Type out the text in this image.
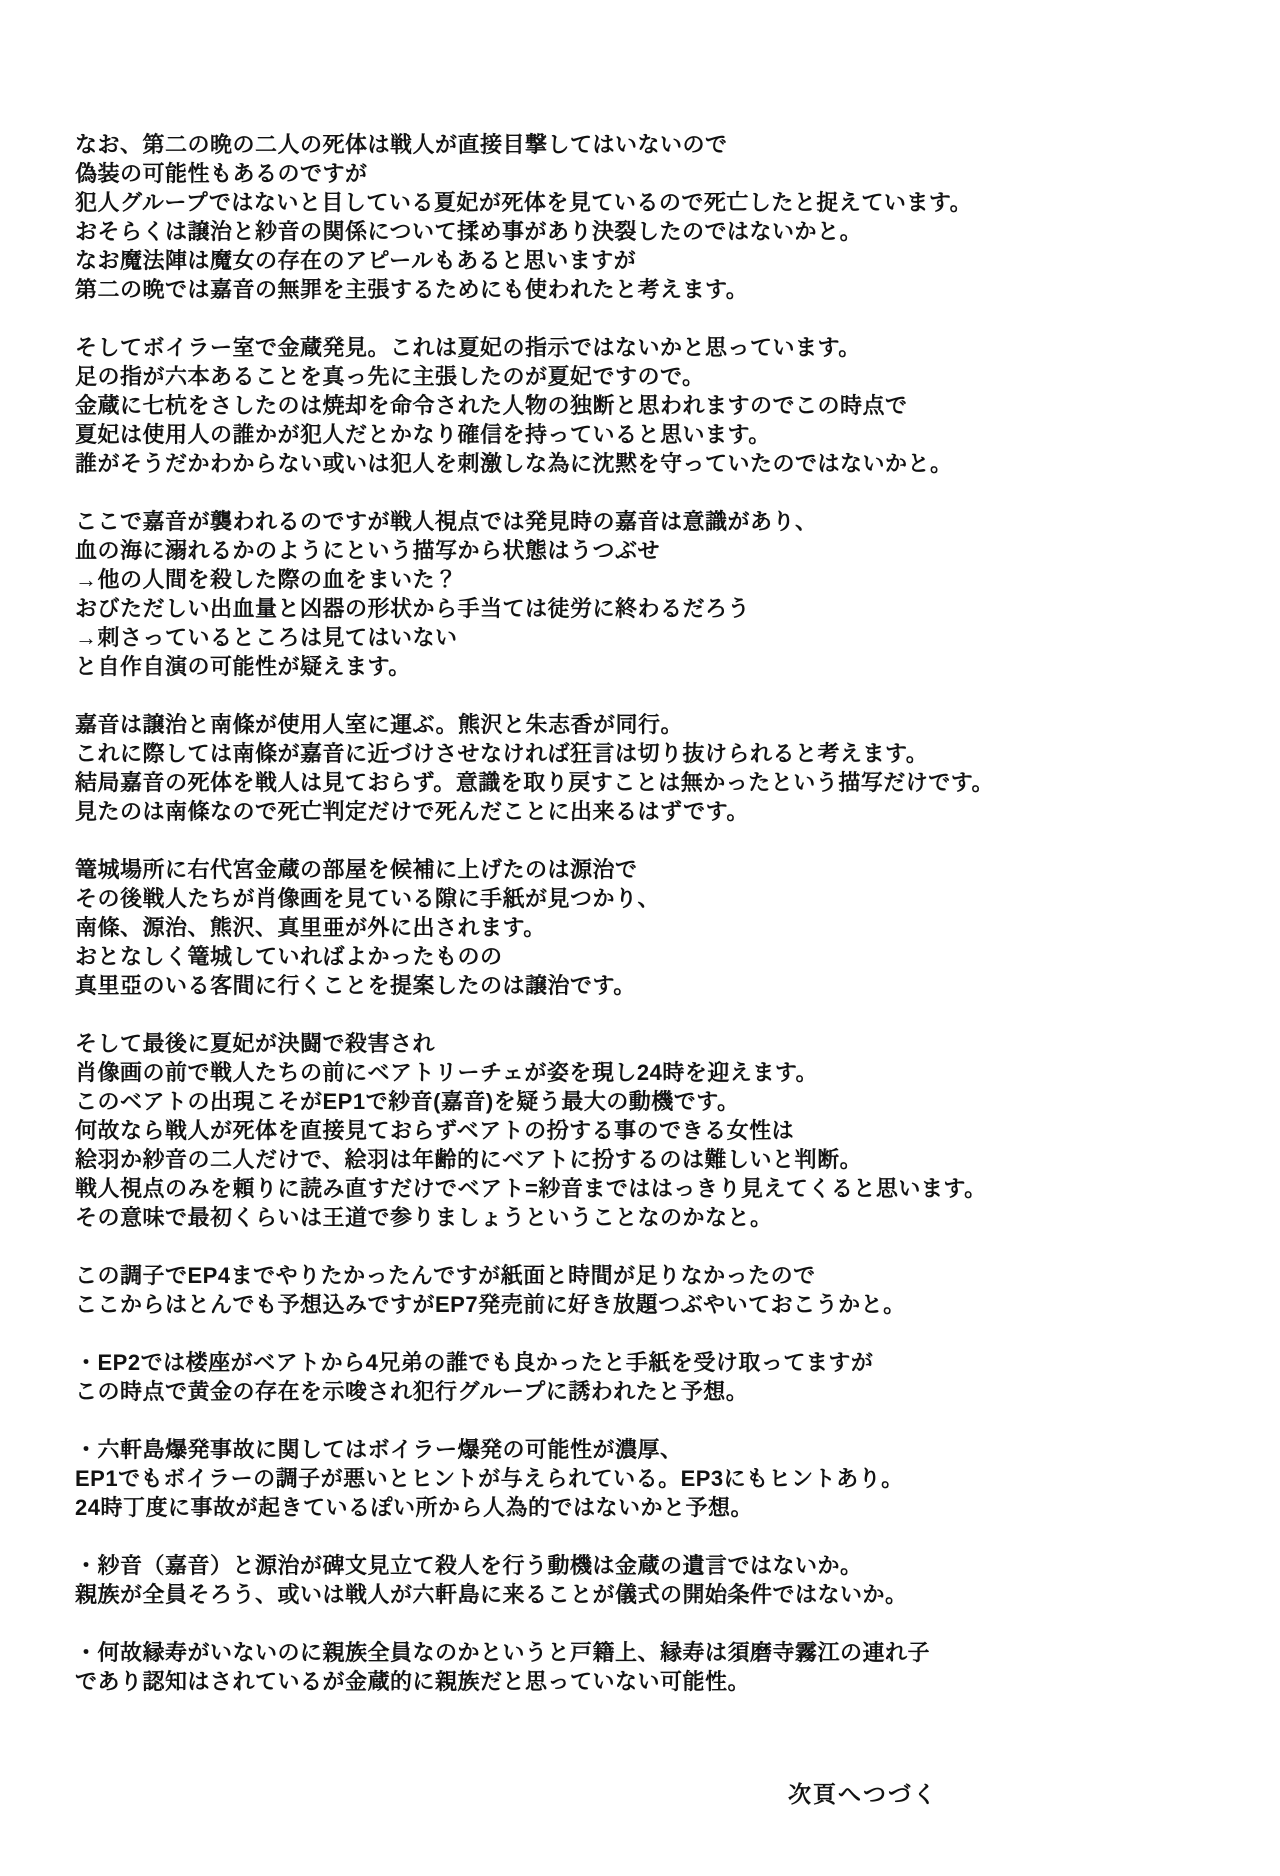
なお、第二の晩の二人の死体は戦人が直接目撃してはいないので
偽装の可能性もあるのですが
犯人グループではないと目している夏妃が死体を見ているので死亡したと捉えています。
おそらくは譲治と紗音の関係について揉め事があり決裂したのではないかと。
なお魔法陣は魔女の存在のアピールもあると思いますが
第二の晩では嘉音の無罪を主張するためにも使われたと考えます。

そしてボイラー室で金蔵発見。これは夏妃の指示ではないかと思っています。
足の指が六本あることを真っ先に主張したのが夏妃ですので。
金蔵に七杭をさしたのは焼却を命令された人物の独断と思われますのでこの時点で
夏妃は使用人の誰かが犯人だとかなり確信を持っていると思います。
誰がそうだかわからない或いは犯人を刺激しな為に沈黙を守っていたのではないかと。

ここで嘉音が襲われるのですが戦人視点では発見時の嘉音は意識があり、
血の海に溺れるかのようにという描写から状態はうつぶせ
→他の人間を殺した際の血をまいた？
おびただしい出血量と凶器の形状から手当ては徒労に終わるだろう
→刺さっているところは見てはいない
と自作自演の可能性が疑えます。

嘉音は譲治と南條が使用人室に運ぶ。熊沢と朱志香が同行。
これに際しては南條が嘉音に近づけさせなければ狂言は切り抜けられると考えます。
結局嘉音の死体を戦人は見ておらず。意識を取り戻すことは無かったという描写だけです。
見たのは南條なので死亡判定だけで死んだことに出来るはずです。

篭城場所に右代宮金蔵の部屋を候補に上げたのは源治で
その後戦人たちが肖像画を見ている隙に手紙が見つかり、
南條、源治、熊沢、真里亜が外に出されます。
おとなしく篭城していればよかったものの
真里亞のいる客間に行くことを提案したのは譲治です。

そして最後に夏妃が決闘で殺害され
肖像画の前で戦人たちの前にベアトリーチェが姿を現し24時を迎えます。
このベアトの出現こそがEP1で紗音(嘉音)を疑う最大の動機です。
何故なら戦人が死体を直接見ておらずベアトの扮する事のできる女性は
絵羽か紗音の二人だけで、絵羽は年齢的にベアトに扮するのは難しいと判断。
戦人視点のみを頼りに読み直すだけでベアト=紗音までははっきり見えてくると思います。
その意味で最初くらいは王道で参りましょうということなのかなと。

この調子でEP4までやりたかったんですが紙面と時間が足りなかったので
ここからはとんでも予想込みですがEP7発売前に好き放題つぶやいておこうかと。

・EP2では楼座がベアトから4兄弟の誰でも良かったと手紙を受け取ってますが
この時点で黄金の存在を示唆され犯行グループに誘われたと予想。

・六軒島爆発事故に関してはボイラー爆発の可能性が濃厚、
EP1でもボイラーの調子が悪いとヒントが与えられている。EP3にもヒントあり。
24時丁度に事故が起きているぽい所から人為的ではないかと予想。

・紗音（嘉音）と源治が碑文見立て殺人を行う動機は金蔵の遺言ではないか。
親族が全員そろう、或いは戦人が六軒島に来ることが儀式の開始条件ではないか。

・何故縁寿がいないのに親族全員なのかというと戸籍上、縁寿は須磨寺霧江の連れ子
であり認知はされているが金蔵的に親族だと思っていない可能性。

次頁へつづく
